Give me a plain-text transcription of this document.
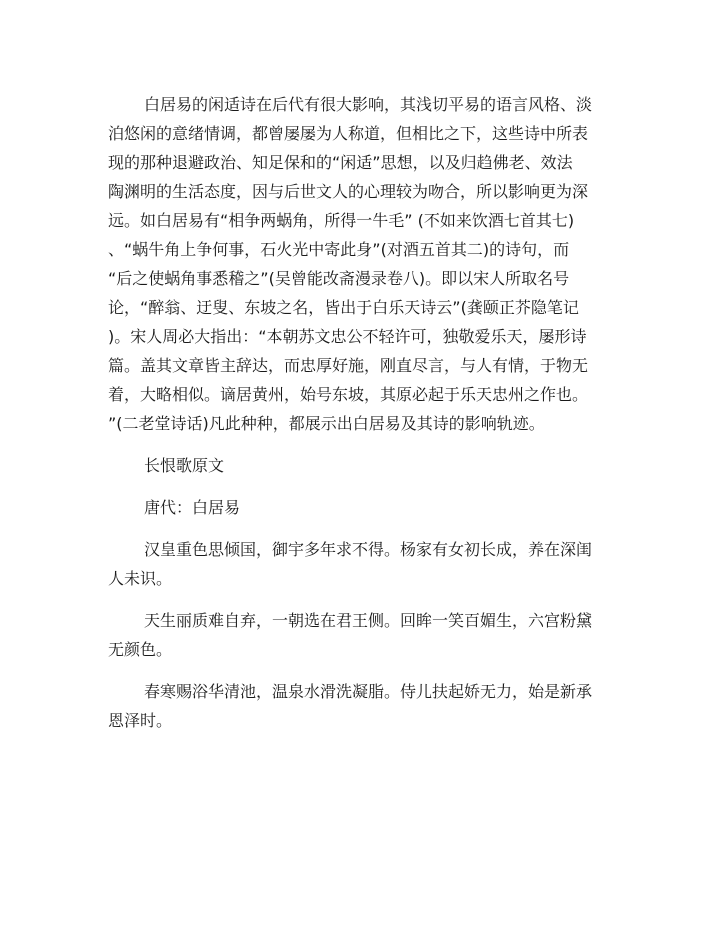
白居易的闲适诗在后代有很大影响，其浅切平易的语言风格、淡
泊悠闲的意绪情调，都曾屡屡为人称道，但相比之下，这些诗中所表
现的那种退避政治、知足保和的“闲适”思想，以及归趋佛老、效法
陶渊明的生活态度，因与后世文人的心理较为吻合，所以影响更为深
远。如白居易有“相争两蜗角，所得一牛毛” (不如来饮酒七首其七)
、“蜗牛角上争何事，石火光中寄此身”(对酒五首其二)的诗句，而
“后之使蜗角事悉稽之”(吴曾能改斋漫录卷八)。即以宋人所取名号
论，“醉翁、迂叟、东坡之名，皆出于白乐天诗云”(龚颐正芥隐笔记
)。宋人周必大指出：“本朝苏文忠公不轻许可，独敬爱乐天，屡形诗
篇。盖其文章皆主辞达，而忠厚好施，刚直尽言，与人有情，于物无
着，大略相似。谪居黄州，始号东坡，其原必起于乐天忠州之作也。
”(二老堂诗话)凡此种种，都展示出白居易及其诗的影响轨迹。
长恨歌原文
唐代：白居易
汉皇重色思倾国，御宇多年求不得。杨家有女初长成，养在深闺
人未识。
天生丽质难自弃，一朝选在君王侧。回眸一笑百媚生，六宫粉黛
无颜色。
春寒赐浴华清池，温泉水滑洗凝脂。侍儿扶起娇无力，始是新承
恩泽时。
